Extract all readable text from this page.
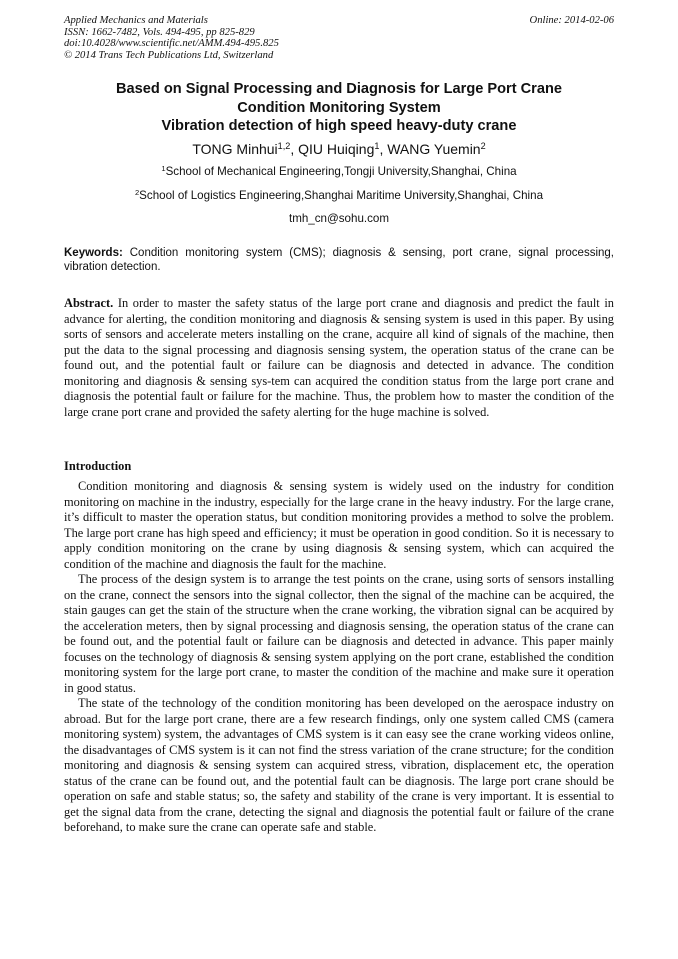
Applied Mechanics and Materials
ISSN: 1662-7482, Vols. 494-495, pp 825-829
doi:10.4028/www.scientific.net/AMM.494-495.825
© 2014 Trans Tech Publications Ltd, Switzerland
Online: 2014-02-06
Based on Signal Processing and Diagnosis for Large Port Crane
Condition Monitoring System
Vibration detection of high speed heavy-duty crane
TONG Minhui$^{1,2}$, QIU Huiqing$^1$, WANG Yuemin$^2$
$^1$School of Mechanical Engineering,Tongji University,Shanghai, China
$^2$School of Logistics Engineering,Shanghai Maritime University,Shanghai, China
tmh_cn@sohu.com
Keywords: Condition monitoring system (CMS); diagnosis & sensing, port crane, signal processing, vibration detection.
Abstract. In order to master the safety status of the large port crane and diagnosis and predict the fault in advance for alerting, the condition monitoring and diagnosis & sensing system is used in this paper. By using sorts of sensors and accelerate meters installing on the crane, acquire all kind of signals of the machine, then put the data to the signal processing and diagnosis sensing system, the operation status of the crane can be found out, and the potential fault or failure can be diagnosis and detected in advance. The condition monitoring and diagnosis & sensing sys-tem can acquired the condition status from the large port crane and diagnosis the potential fault or failure for the machine. Thus, the problem how to master the condition of the large crane port crane and provided the safety alerting for the huge machine is solved.
Introduction

Condition monitoring and diagnosis & sensing system is widely used on the industry for condition monitoring on machine in the industry, especially for the large crane in the heavy industry. For the large crane, it’s difficult to master the operation status, but condition monitoring provides a method to solve the problem. The large port crane has high speed and efficiency; it must be operation in good condition. So it is necessary to apply condition monitoring on the crane by using diagnosis & sensing system, which can acquired the condition of the machine and diagnosis the fault for the machine.

The process of the design system is to arrange the test points on the crane, using sorts of sensors installing on the crane, connect the sensors into the signal collector, then the signal of the machine can be acquired, the stain gauges can get the stain of the structure when the crane working, the vibration signal can be acquired by the acceleration meters, then by signal processing and diagnosis sensing, the operation status of the crane can be found out, and the potential fault or failure can be diagnosis and detected in advance. This paper mainly focuses on the technology of diagnosis & sensing system applying on the port crane, established the condition monitoring system for the large port crane, to master the condition of the machine and make sure it operation in good status.

The state of the technology of the condition monitoring has been developed on the aerospace industry on abroad. But for the large port crane, there are a few research findings, only one system called CMS (camera monitoring system) system, the advantages of CMS system is it can easy see the crane working videos online, the disadvantages of CMS system is it can not find the stress variation of the crane structure; for the condition monitoring and diagnosis & sensing system can acquired stress, vibration, displacement etc, the operation status of the crane can be found out, and the potential fault can be diagnosis. The large port crane should be operation on safe and stable status; so, the safety and stability of the crane is very important. It is essential to get the signal data from the crane, detecting the signal and diagnosis the potential fault or failure of the crane beforehand, to make sure the crane can operate safe and stable.
